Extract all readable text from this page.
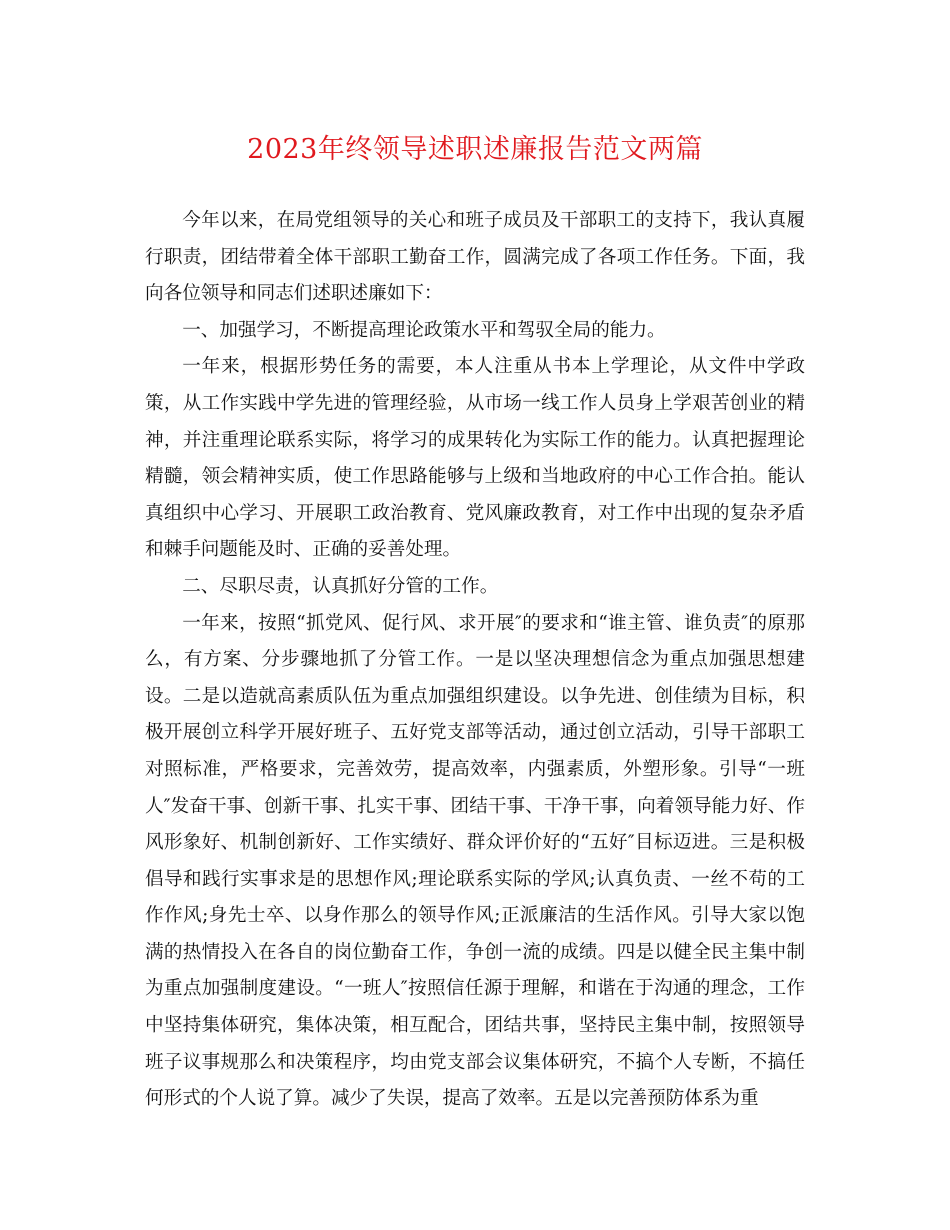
2023年终领导述职述廉报告范文两篇

今年以来，在局党组领导的关心和班子成员及干部职工的支持下，我认真履行职责，团结带着全体干部职工勤奋工作，圆满完成了各项工作任务。下面，我向各位领导和同志们述职述廉如下：

一、加强学习，不断提高理论政策水平和驾驭全局的能力。

一年来，根据形势任务的需要，本人注重从书本上学理论，从文件中学政策，从工作实践中学先进的管理经验，从市场一线工作人员身上学艰苦创业的精神，并注重理论联系实际，将学习的成果转化为实际工作的能力。认真把握理论精髓，领会精神实质，使工作思路能够与上级和当地政府的中心工作合拍。能认真组织中心学习、开展职工政治教育、党风廉政教育，对工作中出现的复杂矛盾和棘手问题能及时、正确的妥善处理。

二、尽职尽责，认真抓好分管的工作。

一年来，按照“抓党风、促行风、求开展″的要求和“谁主管、谁负责″的原那么，有方案、分步骤地抓了分管工作。一是以坚决理想信念为重点加强思想建设。二是以造就高素质队伍为重点加强组织建设。以争先进、创佳绩为目标，积极开展创立科学开展好班子、五好党支部等活动，通过创立活动，引导干部职工对照标准，严格要求，完善效劳，提高效率，内强素质，外塑形象。引导“一班人″发奋干事、创新干事、扎实干事、团结干事、干净干事，向着领导能力好、作风形象好、机制创新好、工作实绩好、群众评价好的“五好″目标迈进。三是积极倡导和践行实事求是的思想作风;理论联系实际的学风;认真负责、一丝不苟的工作作风;身先士卒、以身作那么的领导作风;正派廉洁的生活作风。引导大家以饱满的热情投入在各自的岗位勤奋工作，争创一流的成绩。四是以健全民主集中制为重点加强制度建设。“一班人″按照信任源于理解，和谐在于沟通的理念，工作中坚持集体研究，集体决策，相互配合，团结共事，坚持民主集中制，按照领导班子议事规那么和决策程序，均由党支部会议集体研究，不搞个人专断，不搞任何形式的个人说了算。减少了失误，提高了效率。五是以完善预防体系为重
